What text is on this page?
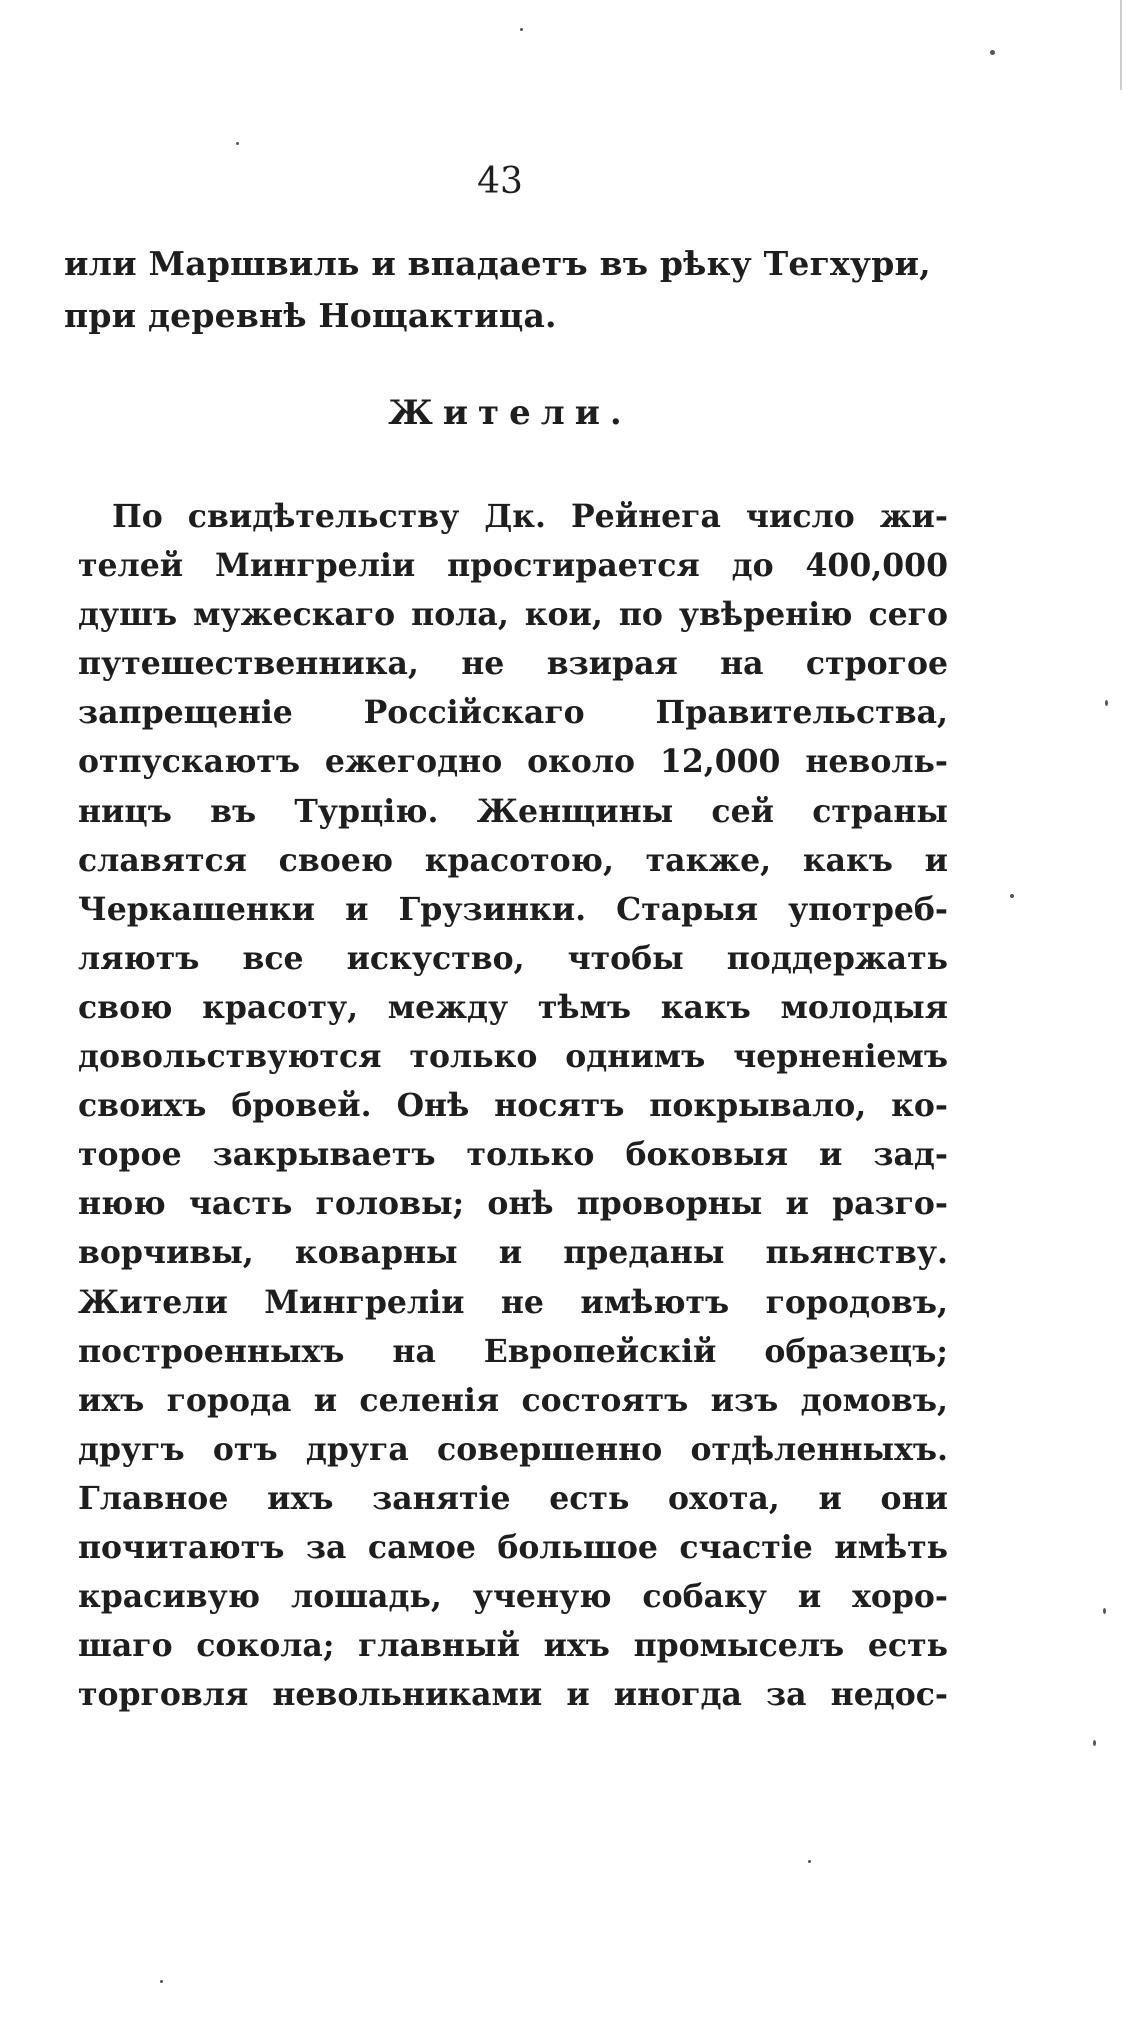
43
или Маршвиль и впадаетъ въ рѣку Тегхури,
при деревнѣ Нощактица.
Жители.
По свидѣтельству Дк. Рейнега число жи-
телей Мингреліи простирается до 400,000
душъ мужескаго пола, кои, по увѣренію сего
путешественника, не взирая на строгое
запрещеніе Россійскаго Правительства,
отпускаютъ ежегодно около 12,000 неволь-
ницъ въ Турцію. Женщины сей страны
славятся своею красотою, также, какъ и
Черкашенки и Грузинки. Старыя употреб-
ляютъ все искуство, чтобы поддержать
свою красоту, между тѣмъ какъ молодыя
довольствуются только однимъ черненіемъ
своихъ бровей. Онѣ носятъ покрывало, ко-
торое закрываетъ только боковыя и зад-
нюю часть головы; онѣ проворны и разго-
ворчивы, коварны и преданы пьянству.
Жители Мингреліи не имѣютъ городовъ,
построенныхъ на Европейскій образецъ;
ихъ города и селенія состоятъ изъ домовъ,
другъ отъ друга совершенно отдѣленныхъ.
Главное ихъ занятіе есть охота, и они
почитаютъ за самое большое счастіе имѣть
красивую лошадь, ученую собаку и хоро-
шаго сокола; главный ихъ промыселъ есть
торговля невольниками и иногда за недос-
